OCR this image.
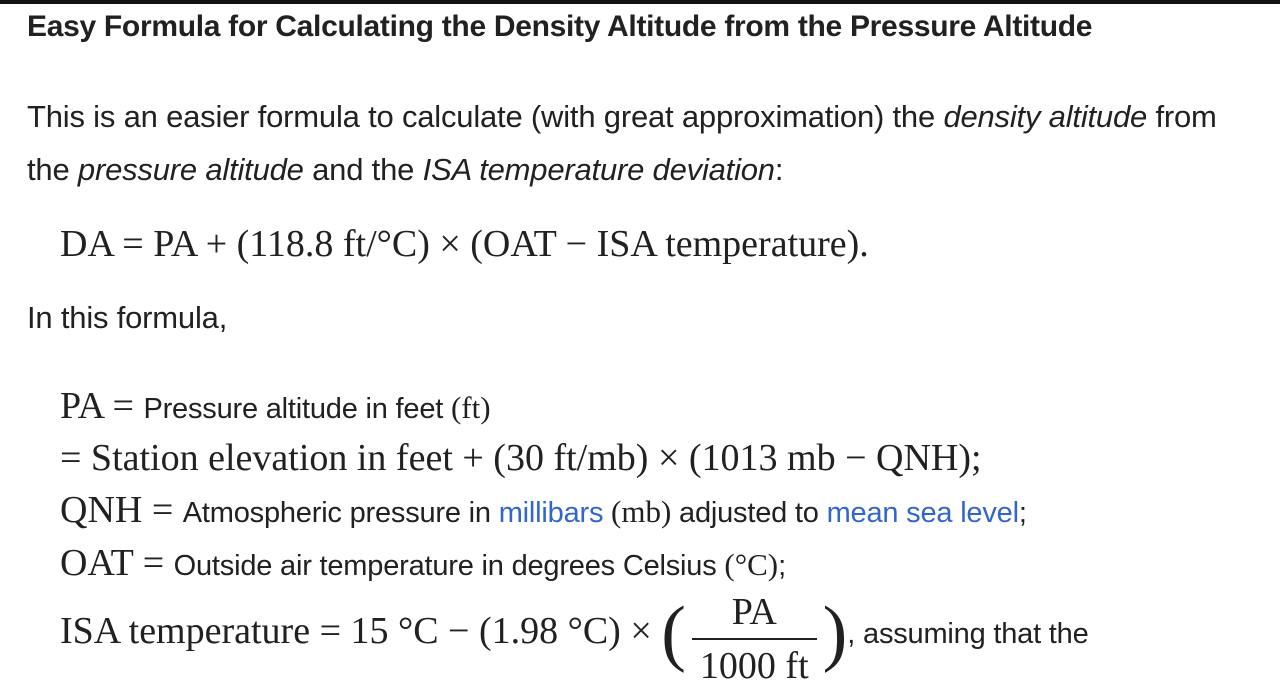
Easy Formula for Calculating the Density Altitude from the Pressure Altitude
This is an easier formula to calculate (with great approximation) the density altitude from the pressure altitude and the ISA temperature deviation:
DA = PA + (118.8 ft/°C) × (OAT − ISA temperature).
In this formula,
PA = Pressure altitude in feet (ft)
= Station elevation in feet + (30 ft/mb) × (1013 mb − QNH);
QNH = Atmospheric pressure in millibars (mb) adjusted to mean sea level;
OAT = Outside air temperature in degrees Celsius (°C);
ISA temperature = 15 °C − (1.98 °C) × ( $\frac{PA}{1000 ft}$ ), assuming that the
